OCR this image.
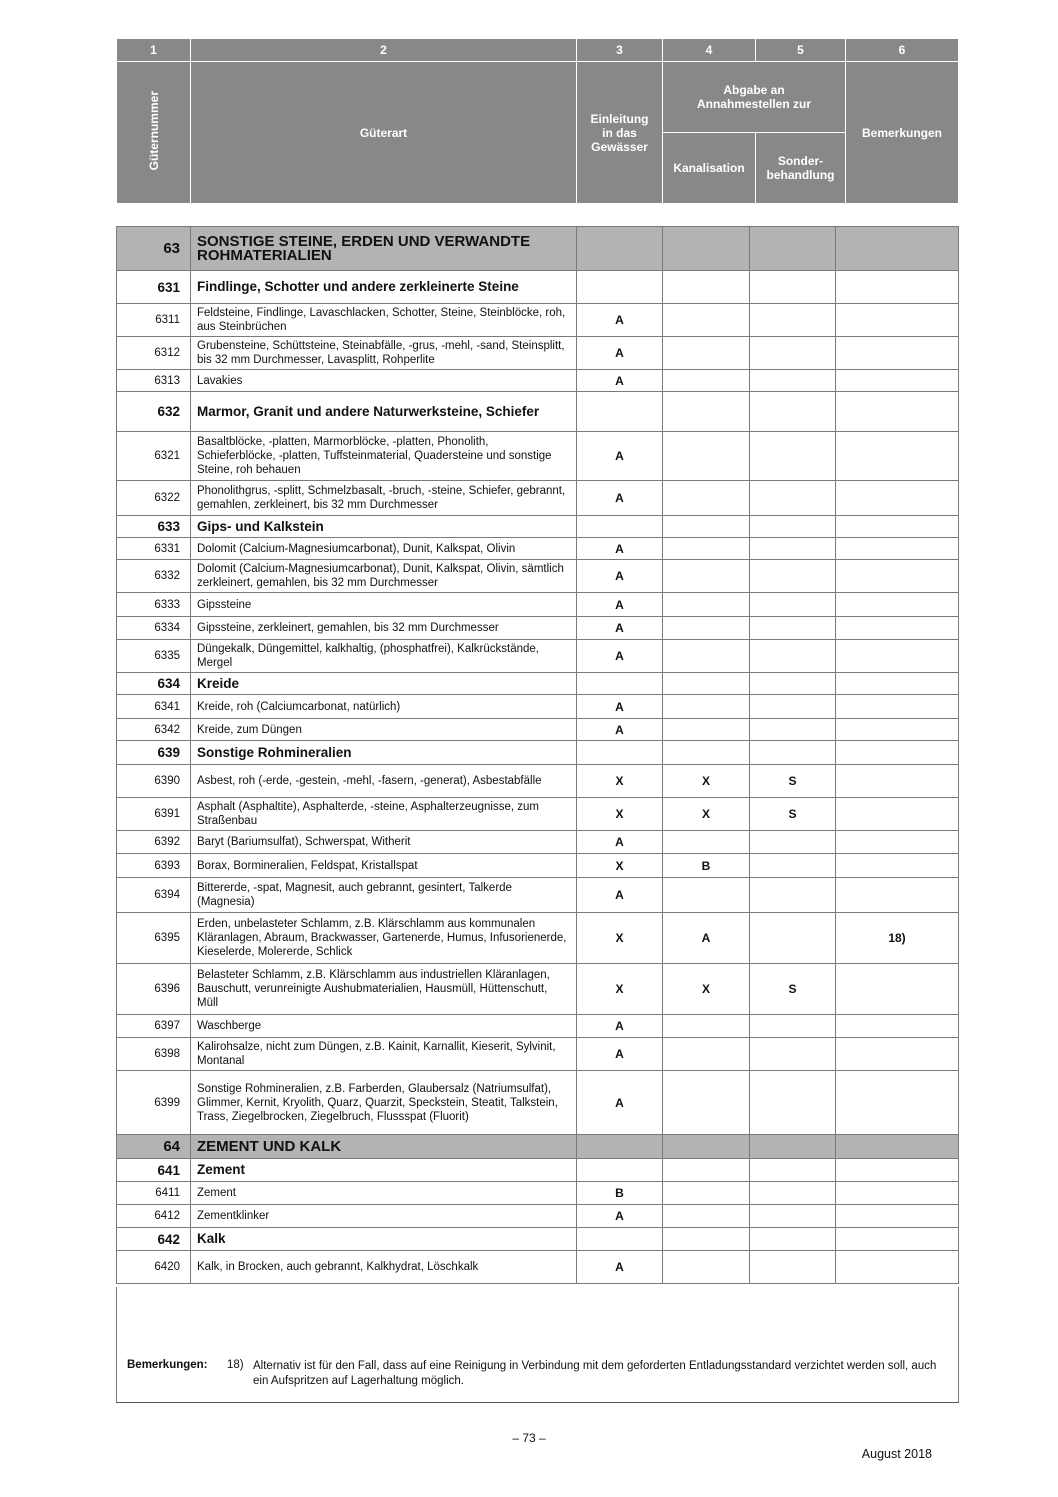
1	2	3	4	5	6
Güternummer	Güterart	Einleitung in das Gewässer	Abgabe an Annahmestellen zur		Bemerkungen
			Kanalisation	Sonder-behandlung	
63	SONSTIGE STEINE, ERDEN UND VERWANDTE ROHMATERIALIEN				
631	Findlinge, Schotter und andere zerkleinerte Steine				
6311	Feldsteine, Findlinge, Lavaschlacken, Schotter, Steine, Steinblöcke, roh, aus Steinbrüchen	A			
6312	Grubensteine, Schüttsteine, Steinabfälle, -grus, -mehl, -sand, Steinsplitt, bis 32 mm Durchmesser, Lavasplitt, Rohperlite	A			
6313	Lavakies	A			
632	Marmor, Granit und andere Naturwerksteine, Schiefer				
6321	Basaltblöcke, -platten, Marmorblöcke, -platten, Phonolith, Schieferblöcke, -platten, Tuffsteinmaterial, Quadersteine und sonstige Steine, roh behauen	A			
6322	Phonolithgrus, -splitt, Schmelzbasalt, -bruch, -steine, Schiefer, gebrannt, gemahlen, zerkleinert, bis 32 mm Durchmesser	A			
633	Gips- und Kalkstein				
6331	Dolomit (Calcium-Magnesiumcarbonat), Dunit, Kalkspat, Olivin	A			
6332	Dolomit (Calcium-Magnesiumcarbonat), Dunit, Kalkspat, Olivin, sämtlich zerkleinert, gemahlen, bis 32 mm Durchmesser	A			
6333	Gipssteine	A			
6334	Gipssteine, zerkleinert, gemahlen, bis 32 mm Durchmesser	A			
6335	Düngekalk, Düngemittel, kalkhaltig, (phosphatfrei), Kalkrückstände, Mergel	A			
634	Kreide				
6341	Kreide, roh (Calciumcarbonat, natürlich)	A			
6342	Kreide, zum Düngen	A			
639	Sonstige Rohmineralien				
6390	Asbest, roh (-erde, -gestein, -mehl, -fasern, -generat), Asbestabfälle	X	X	S	
6391	Asphalt (Asphaltite), Asphalterde, -steine, Asphalterzeugnisse, zum Straßenbau	X	X	S	
6392	Baryt (Bariumsulfat), Schwerspat, Witherit	A			
6393	Borax, Bormineralien, Feldspat, Kristallspat	X	B		
6394	Bittererde, -spat, Magnesit, auch gebrannt, gesintert, Talkerde (Magnesia)	A			
6395	Erden, unbelasteter Schlamm, z.B. Klärschlamm aus kommunalen Kläranlagen, Abraum, Brackwasser, Gartenerde, Humus, Infusorienerde, Kieselerde, Molererde, Schlick	X	A		18)
6396	Belasteter Schlamm, z.B. Klärschlamm aus industriellen Kläranlagen, Bauschutt, verunreinigte Aushubmaterialien, Hausmüll, Hüttenschutt, Müll	X	X	S	
6397	Waschberge	A			
6398	Kalirohsalze, nicht zum Düngen, z.B. Kainit, Karnallit, Kieserit, Sylvinit, Montanal	A			
6399	Sonstige Rohmineralien, z.B. Farberden, Glaubersalz (Natriumsulfat), Glimmer, Kernit, Kryolith, Quarz, Quarzit, Speckstein, Steatit, Talkstein, Trass, Ziegelbrocken, Ziegelbruch, Flussspat (Fluorit)	A			
64	ZEMENT UND KALK				
641	Zement				
6411	Zement	B			
6412	Zementklinker	A			
642	Kalk				
6420	Kalk, in Brocken, auch gebrannt, Kalkhydrat, Löschkalk	A			
Bemerkungen: 18) Alternativ ist für den Fall, dass auf eine Reinigung in Verbindung mit dem geforderten Entladungsstandard verzichtet werden soll, auch ein Aufspritzen auf Lagerhaltung möglich.
– 73 –
August 2018
